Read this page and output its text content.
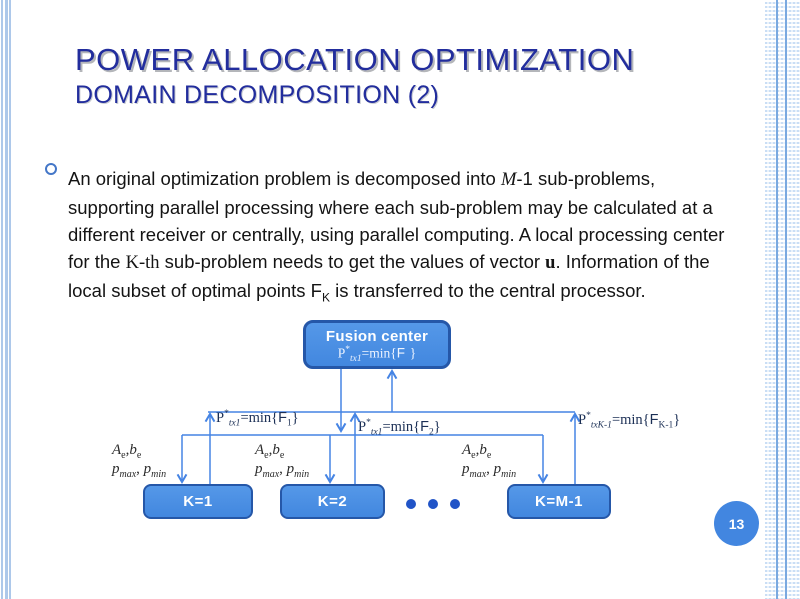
POWER ALLOCATION OPTIMIZATION
DOMAIN DECOMPOSITION (2)

An original optimization problem is decomposed into M-1 sub-problems, supporting parallel processing where each sub-problem may be calculated at a different receiver or centrally, using parallel computing. A local processing center for the K-th sub-problem needs to get the values of vector u. Information of the local subset of optimal points $F_K$ is transferred to the central processor.

Fusion center
$P^*_{tx1}=\min\{F$ }
$P^*_{tx1}=\min\{F_1\}$
$P^*_{tx1}=\min\{F_2\}$	$P^*_{txK-1}=\min\{F_{K-1}\}$
$A_e,b_e$
$p_{max}$, $p_{min}$
$A_e,b_e$
$p_{max}$, $p_{min}$
$A_e,b_e$
$p_{max}$, $p_{min}$
K=1	K=2	K=M-1
13
